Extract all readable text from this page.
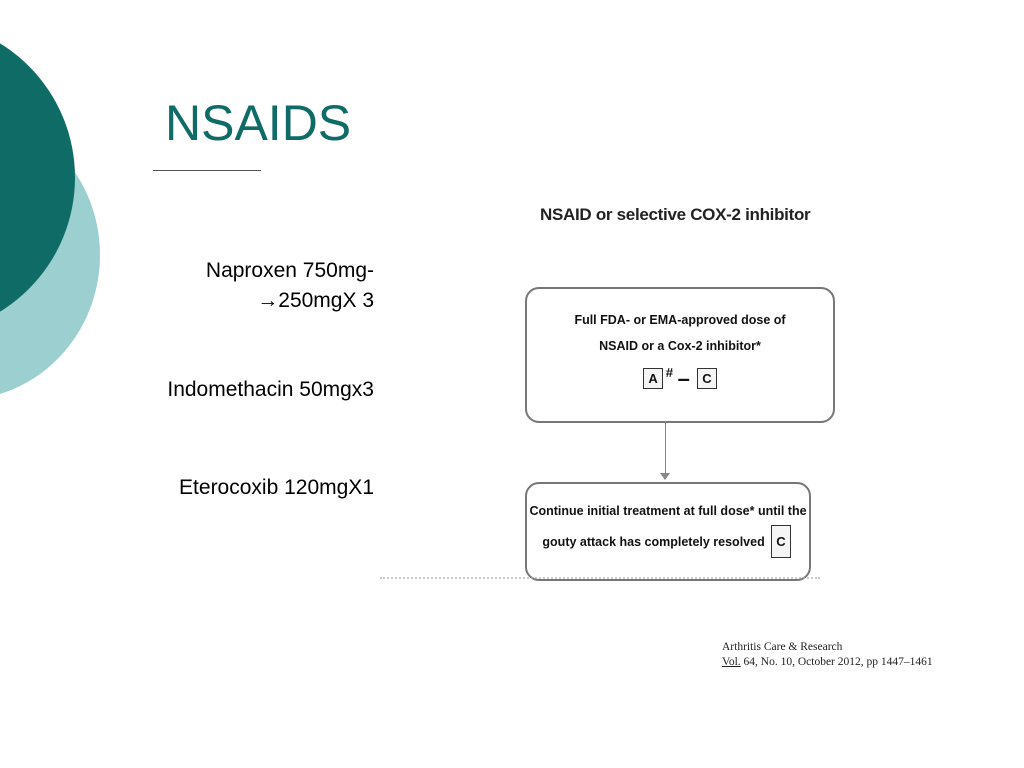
NSAIDS
Naproxen 750mg-
→250mgX 3
Indomethacin 50mgx3
Eterocoxib 120mgX1
NSAID or selective COX-2 inhibitor
Full FDA- or EMA-approved dose of
NSAID or a Cox-2 inhibitor*
A # – C
Continue initial treatment at full dose* until the
gouty attack has completely resolved C
Arthritis Care & Research
Vol. 64, No. 10, October 2012, pp 1447–1461
